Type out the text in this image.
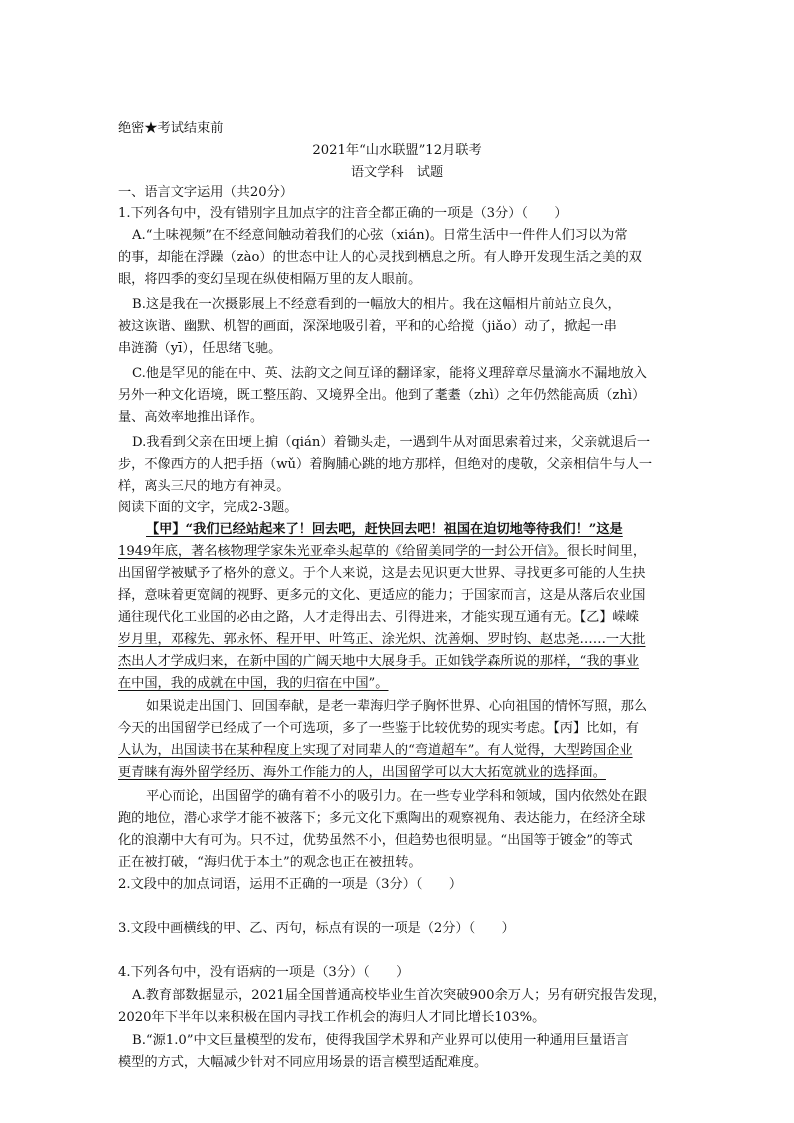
绝密★考试结束前
2021年“山水联盟”12月联考
语文学科　试题
一、语言文字运用（共20分）
1.下列各句中，没有错别字且加点字的注音全都正确的一项是（3分）（　　）
A.“土味视频”在不经意间触动着我们的心弦（xián)。日常生活中一件件人们习以为常
的事，却能在浮躁（zào）的世态中让人的心灵找到栖息之所。有人睁开发现生活之美的双
眼，将四季的变幻呈现在纵使相隔万里的友人眼前。
B.这是我在一次摄影展上不经意看到的一幅放大的相片。我在这幅相片前站立良久，
被这诙谐、幽默、机智的画面，深深地吸引着，平和的心给搅（jiǎo）动了，掀起一串
串涟漪（yī），任思绪飞驰。
C.他是罕见的能在中、英、法韵文之间互译的翻译家，能将义理辞章尽量滴水不漏地放入
另外一种文化语境，既工整压韵、又境界全出。他到了耄耋（zhì）之年仍然能高质（zhì）
量、高效率地推出译作。
D.我看到父亲在田埂上掮（qián）着锄头走，一遇到牛从对面思索着过来，父亲就退后一
步，不像西方的人把手捂（wǔ）着胸脯心跳的地方那样，但绝对的虔敬，父亲相信牛与人一
样，离头三尺的地方有神灵。
阅读下面的文字，完成2-3题。
【甲】“我们已经站起来了！回去吧，赶快回去吧！祖国在迫切地等待我们！”这是
1949年底，著名核物理学家朱光亚牵头起草的《给留美同学的一封公开信》。很长时间里，
出国留学被赋予了格外的意义。于个人来说，这是去见识更大世界、寻找更多可能的人生抉
择，意味着更宽阔的视野、更多元的文化、更适应的能力；于国家而言，这是从落后农业国
通往现代化工业国的必由之路，人才走得出去、引得进来，才能实现互通有无。【乙】嵘嵘
岁月里，邓稼先、郭永怀、程开甲、叶笃正、涂光炽、沈善炯、罗时钧、赵忠尧……一大批
杰出人才学成归来，在新中国的广阔天地中大展身手。正如钱学森所说的那样，“我的事业
在中国，我的成就在中国，我的归宿在中国”。
如果说走出国门、回国奉献，是老一辈海归学子胸怀世界、心向祖国的情怀写照，那么
今天的出国留学已经成了一个可选项，多了一些鉴于比较优势的现实考虑。【丙】比如，有
人认为，出国读书在某种程度上实现了对同辈人的“弯道超车”。有人觉得，大型跨国企业
更青睐有海外留学经历、海外工作能力的人，出国留学可以大大拓宽就业的选择面。
平心而论，出国留学的确有着不小的吸引力。在一些专业学科和领域，国内依然处在跟
跑的地位，潜心求学才能不被落下；多元文化下熏陶出的观察视角、表达能力，在经济全球
化的浪潮中大有可为。只不过，优势虽然不小，但趋势也很明显。“出国等于镀金”的等式
正在被打破，“海归优于本土”的观念也正在被扭转。
2.文段中的加点词语，运用不正确的一项是（3分）（　　）
3.文段中画横线的甲、乙、丙句，标点有误的一项是（2分）（　　）
4.下列各句中，没有语病的一项是（3分）（　　）
A.教育部数据显示，2021届全国普通高校毕业生首次突破900余万人；另有研究报告发现，
2020年下半年以来积极在国内寻找工作机会的海归人才同比增长103%。
B.“源1.0”中文巨量模型的发布，使得我国学术界和产业界可以使用一种通用巨量语言
模型的方式，大幅减少针对不同应用场景的语言模型适配难度。
